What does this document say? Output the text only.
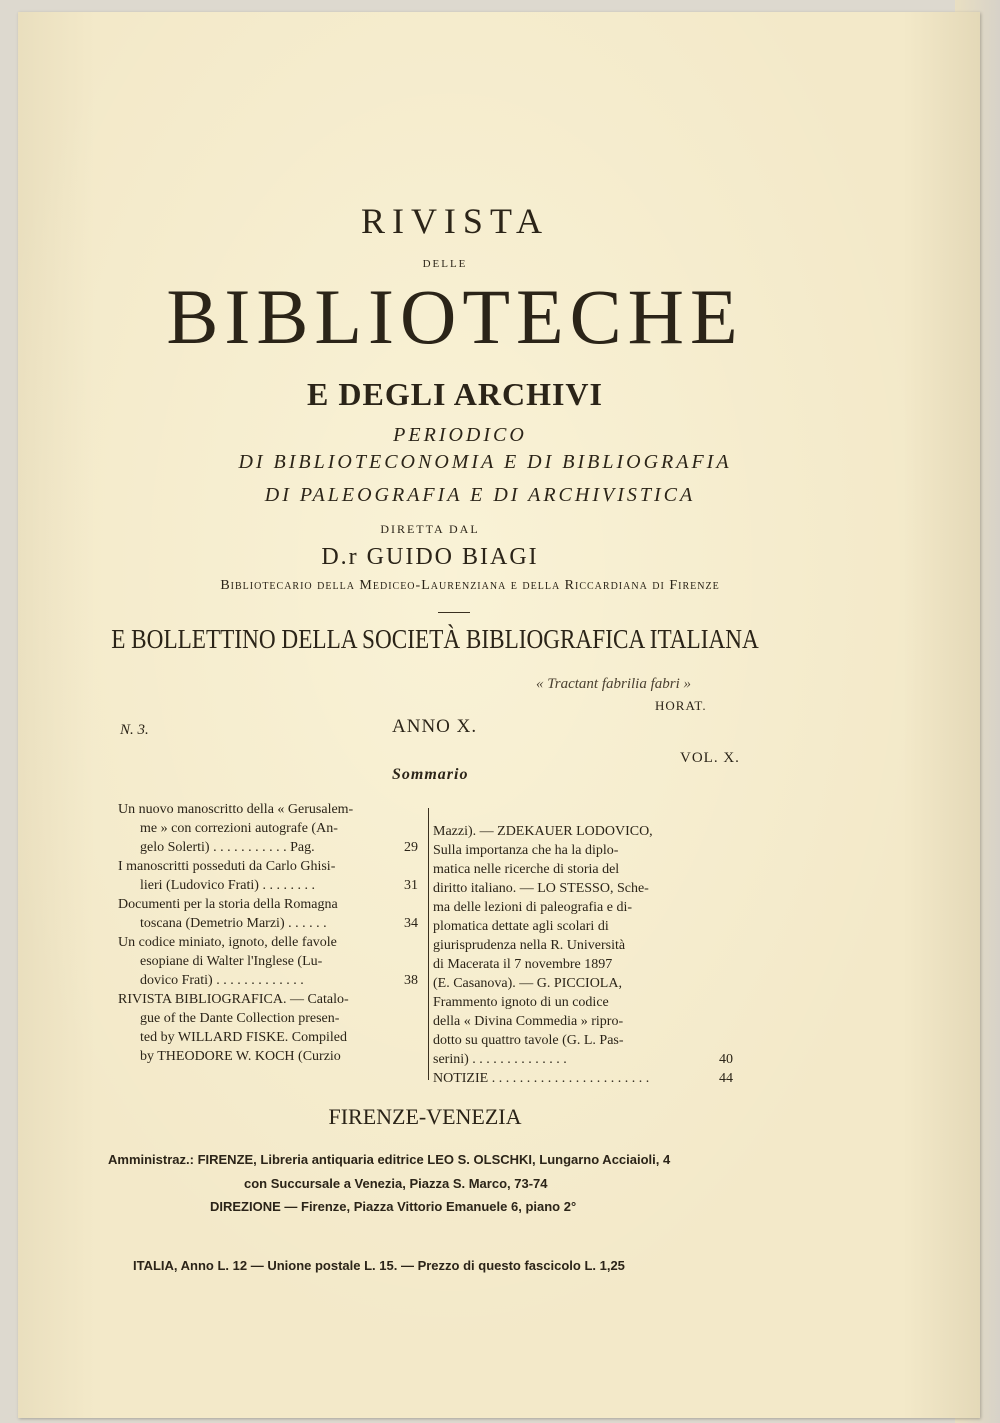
RIVISTA
DELLE
BIBLIOTECHE
E DEGLI ARCHIVI
PERIODICO
DI BIBLIOTECONOMIA E DI BIBLIOGRAFIA
DI PALEOGRAFIA E DI ARCHIVISTICA
DIRETTA DAL
D.r GUIDO BIAGI
Bibliotecario della Medicео-Laurenziana e della Riccardiana di Firenze
E BOLLETTINO DELLA SOCIETÀ BIBLIOGRAFICA ITALIANA
« Tractant fabrilia fabri »
HORAT.
N. 3.	ANNO X.
VOL. X.
Sommario
Un nuovo manoscritto della « Gerusalem-
me » con correzioni autografe (An-
gelo Solerti) . . . . . . . . . . . Pag.	29
I manoscritti posseduti da Carlo Ghisi-
lieri (Ludovico Frati) . . . . . . . .	31
Documenti per la storia della Romagna
toscana (Demetrio Marzi) . . . . . .	34
Un codice miniato, ignoto, delle favole
esopiane di Walter l'Inglese (Lu-
dovico Frati) . . . . . . . . . . . . .	38
RIVISTA BIBLIOGRAFICA. — Catalo-
gue of the Dante Collection presen-
ted by WILLARD FISKE. Compiled
by THEODORE W. KOCH (Curzio
Mazzi). — ZDEKAUER LODOVICO,
Sulla importanza che ha la diplo-
matica nelle ricerche di storia del
diritto italiano. — LO STESSO, Sche-
ma delle lezioni di paleografia e di-
plomatica dettate agli scolari di
giurisprudenza nella R. Università
di Macerata il 7 novembre 1897
(E. Casanova). — G. PICCIOLA,
Frammento ignoto di un codice
della « Divina Commedia » ripro-
dotto su quattro tavole (G. L. Pas-
serini) . . . . . . . . . . . . . .	40
NOTIZIE . . . . . . . . . . . . . . . . . . . . . . .	44
FIRENZE-VENEZIA
Amministraz.: FIRENZE, Libreria antiquaria editrice LEO S. OLSCHKI, Lungarno Acciaioli, 4
con Succursale a Venezia, Piazza S. Marco, 73-74
DIREZIONE — Firenze, Piazza Vittorio Emanuele 6, piano 2°
ITALIA, Anno L. 12 — Unione postale L. 15. — Prezzo di questo fascicolo L. 1,25
